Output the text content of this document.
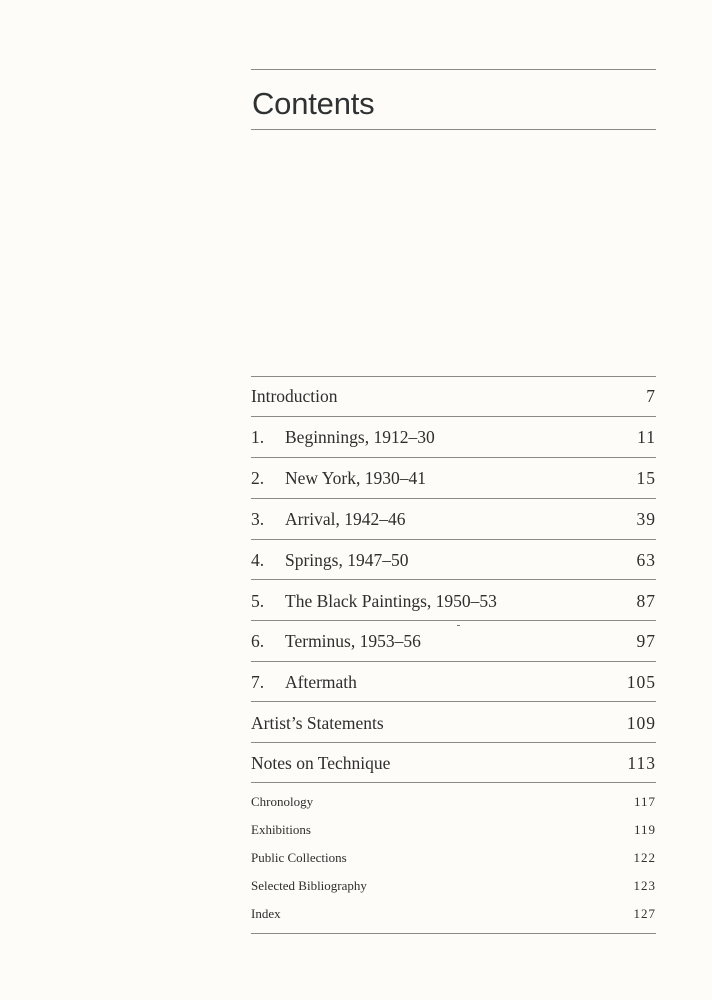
Contents
Introduction	7
1.	Beginnings, 1912–30	11
2.	New York, 1930–41	15
3.	Arrival, 1942–46	39
4.	Springs, 1947–50	63
5.	The Black Paintings, 1950–53	87
6.	Terminus, 1953–56	97
7.	Aftermath	105
Artist’s Statements	109
Notes on Technique	113
Chronology	117
Exhibitions	119
Public Collections	122
Selected Bibliography	123
Index	127
